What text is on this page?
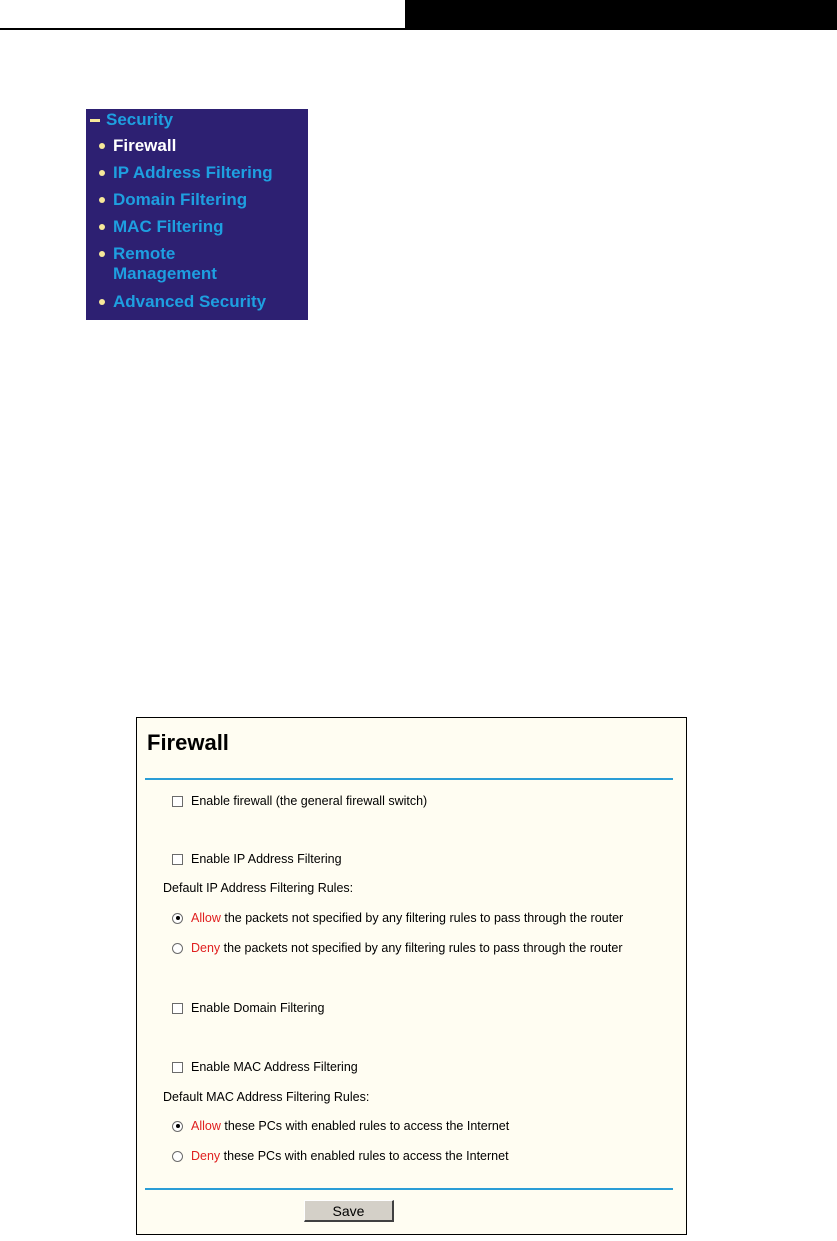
Security
Firewall
IP Address Filtering
Domain Filtering
MAC Filtering
Remote
Management
Advanced Security
Firewall
Enable firewall (the general firewall switch)
Enable IP Address Filtering
Default IP Address Filtering Rules:
Allow the packets not specified by any filtering rules to pass through the router
Deny the packets not specified by any filtering rules to pass through the router
Enable Domain Filtering
Enable MAC Address Filtering
Default MAC Address Filtering Rules:
Allow these PCs with enabled rules to access the Internet
Deny these PCs with enabled rules to access the Internet
Save
